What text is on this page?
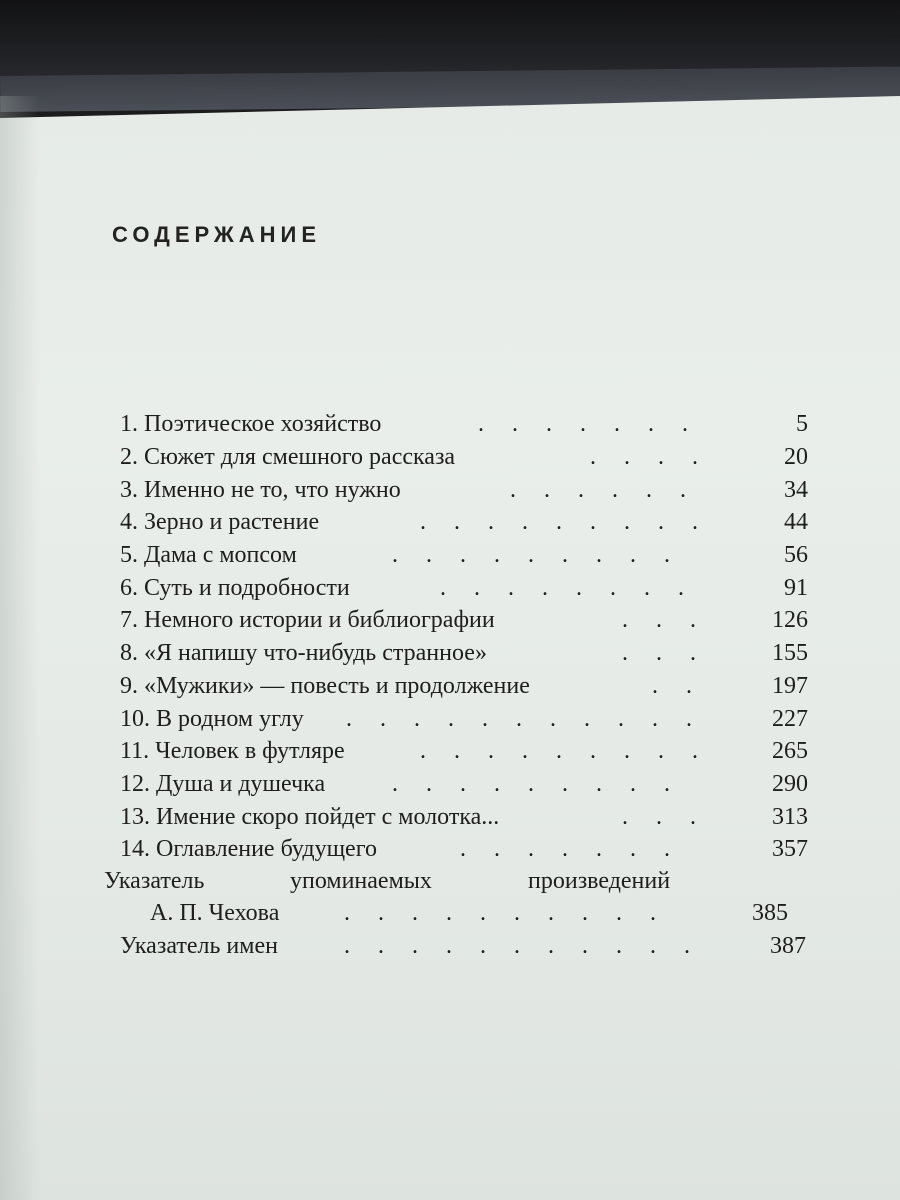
СОДЕРЖАНИЕ
1. Поэтическое хозяйство	. . . . . . .	5
2. Сюжет для смешного рассказа	. . . .	20
3. Именно не то, что нужно	. . . . . .	34
4. Зерно и растение	. . . . . . . . .	44
5. Дама с мопсом	. . . . . . . . .	56
6. Суть и подробности	. . . . . . . .	91
7. Немного истории и библиографии	. . .	126
8. «Я напишу что-нибудь странное»	. . .	155
9. «Мужики» — повесть и продолжение	. .	197
10. В родном углу . . . . . . . . . . .	227
11. Человек в футляре	. . . . . . . . .	265
12. Душа и душечка	. . . . . . . . .	290
13. Имение скоро пойдет с молотка...	. . .	313
14. Оглавление будущего	. . . . . . .	357
Указатель	упоминаемых	произведений
А. П. Чехова	. . . . . . . . . .	385
Указатель имен	. . . . . . . . . . .	387
